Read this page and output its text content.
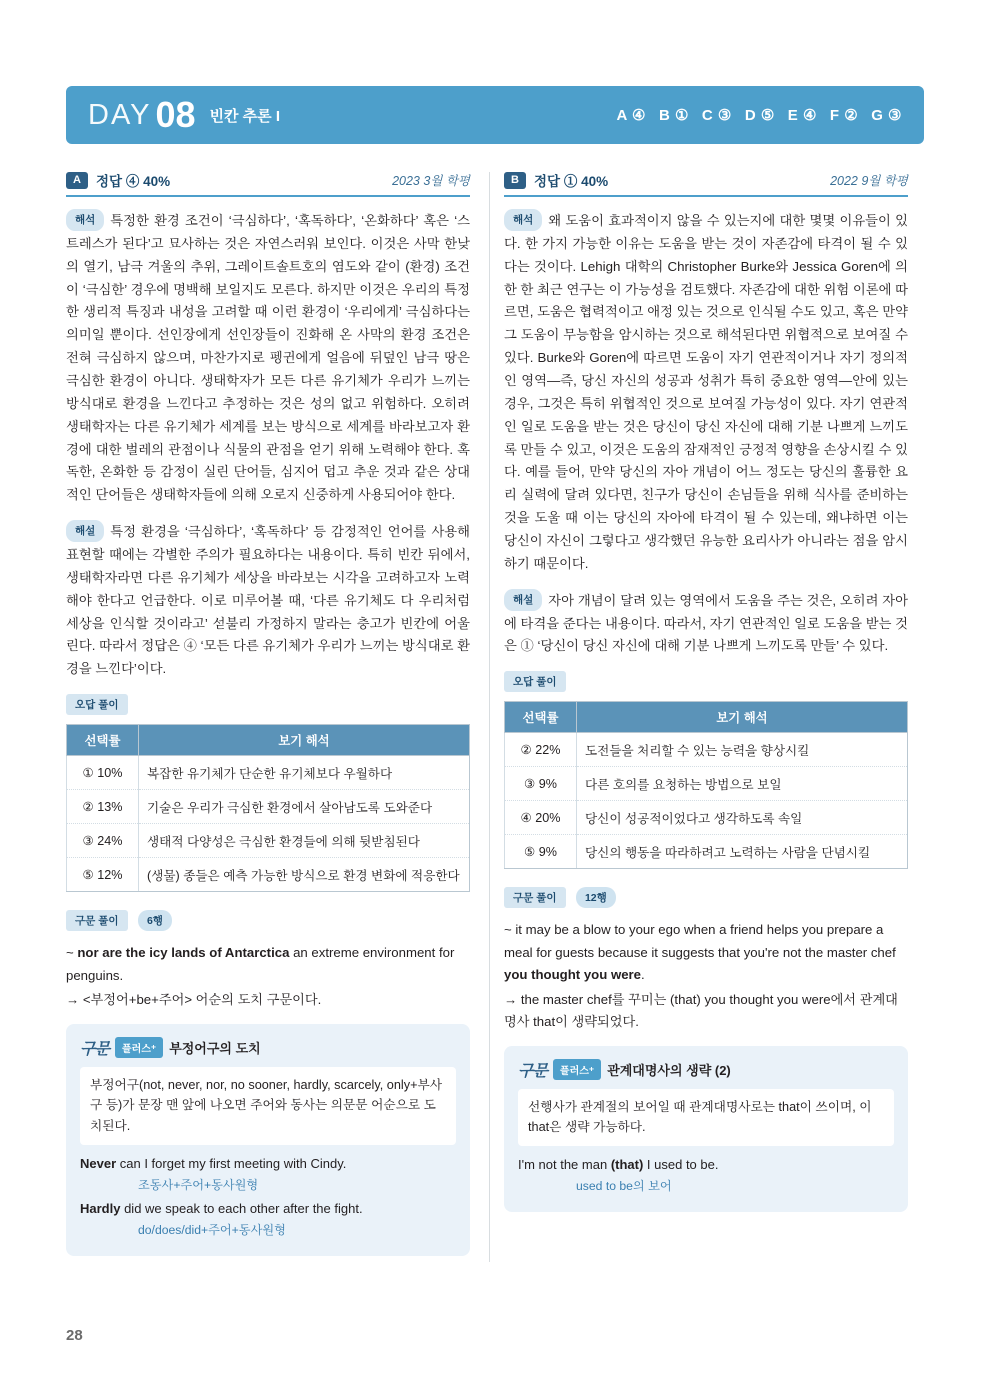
DAY 08 빈칸 추론 I	A ④ B ① C ③ D ⑤ E ④ F ② G ③
A	정답 ④ 40%	2023 3월 학평
해석 특정한 환경 조건이 ‘극심하다’, ‘혹독하다’, ‘온화하다’ 혹은 ‘스트레스가 된다’고 묘사하는 것은 자연스러워 보인다. 이것은 사막 한낮의 열기, 남극 겨울의 추위, 그레이트솔트호의 염도와 같이 (환경) 조건이 ‘극심한’ 경우에 명백해 보일지도 모른다. 하지만 이것은 우리의 특정한 생리적 특징과 내성을 고려할 때 이런 환경이 ‘우리에게’ 극심하다는 의미일 뿐이다. 선인장에게 선인장들이 진화해 온 사막의 환경 조건은 전혀 극심하지 않으며, 마찬가지로 펭귄에게 얼음에 뒤덮인 남극 땅은 극심한 환경이 아니다. 생태학자가 모든 다른 유기체가 우리가 느끼는 방식대로 환경을 느낀다고 추정하는 것은 성의 없고 위험하다. 오히려 생태학자는 다른 유기체가 세계를 보는 방식으로 세계를 바라보고자 환경에 대한 벌레의 관점이나 식물의 관점을 얻기 위해 노력해야 한다. 혹독한, 온화한 등 감정이 실린 단어들, 심지어 덥고 추운 것과 같은 상대적인 단어들은 생태학자들에 의해 오로지 신중하게 사용되어야 한다.
해설 특정 환경을 ‘극심하다’, ‘혹독하다’ 등 감정적인 언어를 사용해 표현할 때에는 각별한 주의가 필요하다는 내용이다. 특히 빈칸 뒤에서, 생태학자라면 다른 유기체가 세상을 바라보는 시각을 고려하고자 노력해야 한다고 언급한다. 이로 미루어볼 때, ‘다른 유기체도 다 우리처럼 세상을 인식할 것이라고’ 섣불리 가정하지 말라는 충고가 빈칸에 어울린다. 따라서 정답은 ④ ‘모든 다른 유기체가 우리가 느끼는 방식대로 환경을 느낀다’이다.
오답 풀이
선택률	보기 해석
① 10%	복잡한 유기체가 단순한 유기체보다 우월하다
② 13%	기술은 우리가 극심한 환경에서 살아남도록 도와준다
③ 24%	생태적 다양성은 극심한 환경들에 의해 뒷받침된다
⑤ 12%	(생물) 종들은 예측 가능한 방식으로 환경 변화에 적응한다
구문 풀이	6행
~ nor are the icy lands of Antarctica an extreme environment for penguins.
→ <부정어+be+주어> 어순의 도치 구문이다.
구문	플러스⁺	부정어구의 도치
부정어구(not, never, nor, no sooner, hardly, scarcely, only+부사구 등)가 문장 맨 앞에 나오면 주어와 동사는 의문문 어순으로 도치된다.
Never can I forget my first meeting with Cindy.
조동사+주어+동사원형
Hardly did we speak to each other after the fight.
do/does/did+주어+동사원형
B	정답 ① 40%	2022 9월 학평
해석 왜 도움이 효과적이지 않을 수 있는지에 대한 몇몇 이유들이 있다. 한 가지 가능한 이유는 도움을 받는 것이 자존감에 타격이 될 수 있다는 것이다. Lehigh 대학의 Christopher Burke와 Jessica Goren에 의한 한 최근 연구는 이 가능성을 검토했다. 자존감에 대한 위험 이론에 따르면, 도움은 협력적이고 애정 있는 것으로 인식될 수도 있고, 혹은 만약 그 도움이 무능함을 암시하는 것으로 해석된다면 위협적으로 보여질 수 있다. Burke와 Goren에 따르면 도움이 자기 연관적이거나 자기 정의적인 영역—즉, 당신 자신의 성공과 성취가 특히 중요한 영역—안에 있는 경우, 그것은 특히 위협적인 것으로 보여질 가능성이 있다. 자기 연관적인 일로 도움을 받는 것은 당신이 당신 자신에 대해 기분 나쁘게 느끼도록 만들 수 있고, 이것은 도움의 잠재적인 긍정적 영향을 손상시킬 수 있다. 예를 들어, 만약 당신의 자아 개념이 어느 정도는 당신의 훌륭한 요리 실력에 달려 있다면, 친구가 당신이 손님들을 위해 식사를 준비하는 것을 도울 때 이는 당신의 자아에 타격이 될 수 있는데, 왜냐하면 이는 당신이 자신이 그렇다고 생각했던 유능한 요리사가 아니라는 점을 암시하기 때문이다.
해설 자아 개념이 달려 있는 영역에서 도움을 주는 것은, 오히려 자아에 타격을 준다는 내용이다. 따라서, 자기 연관적인 일로 도움을 받는 것은 ① ‘당신이 당신 자신에 대해 기분 나쁘게 느끼도록 만들’ 수 있다.
오답 풀이
선택률	보기 해석
② 22%	도전들을 처리할 수 있는 능력을 향상시킬
③ 9%	다른 호의를 요청하는 방법으로 보일
④ 20%	당신이 성공적이었다고 생각하도록 속일
⑤ 9%	당신의 행동을 따라하려고 노력하는 사람을 단념시킬
구문 풀이	12행
~ it may be a blow to your ego when a friend helps you prepare a meal for guests because it suggests that you're not the master chef you thought you were.
→ the master chef를 꾸미는 (that) you thought you were에서 관계대명사 that이 생략되었다.
구문	플러스⁺	관계대명사의 생략 (2)
선행사가 관계절의 보어일 때 관계대명사로는 that이 쓰이며, 이 that은 생략 가능하다.
I'm not the man (that) I used to be.
used to be의 보어
28
